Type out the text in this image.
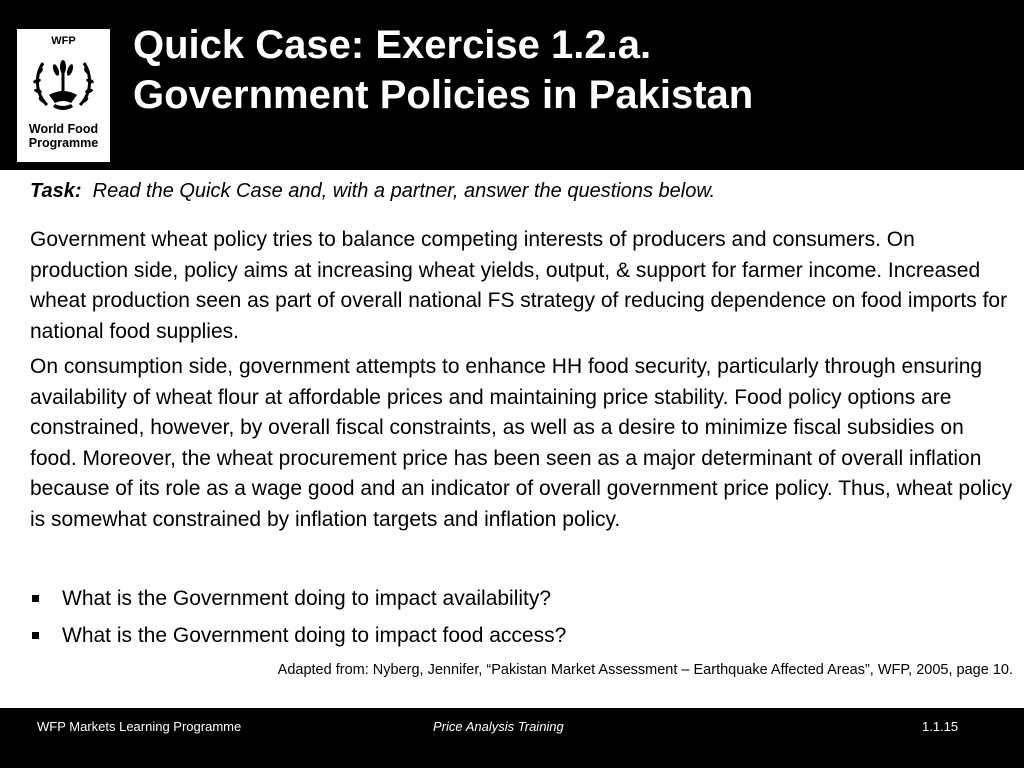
WFP
World Food
Programme
Quick Case: Exercise 1.2.a.
Government Policies in Pakistan
Task: Read the Quick Case and, with a partner, answer the questions below.

Government wheat policy tries to balance competing interests of producers and consumers. On production side, policy aims at increasing wheat yields, output, & support for farmer income. Increased wheat production seen as part of overall national FS strategy of reducing dependence on food imports for national food supplies.

On consumption side, government attempts to enhance HH food security, particularly through ensuring availability of wheat flour at affordable prices and maintaining price stability. Food policy options are constrained, however, by overall fiscal constraints, as well as a desire to minimize fiscal subsidies on food. Moreover, the wheat procurement price has been seen as a major determinant of overall inflation because of its role as a wage good and an indicator of overall government price policy. Thus, wheat policy is somewhat constrained by inflation targets and inflation policy.

What is the Government doing to impact availability?
What is the Government doing to impact food access?
Adapted from: Nyberg, Jennifer, “Pakistan Market Assessment – Earthquake Affected Areas”, WFP, 2005, page 10.
WFP Markets Learning Programme	Price Analysis Training	1.1.15
